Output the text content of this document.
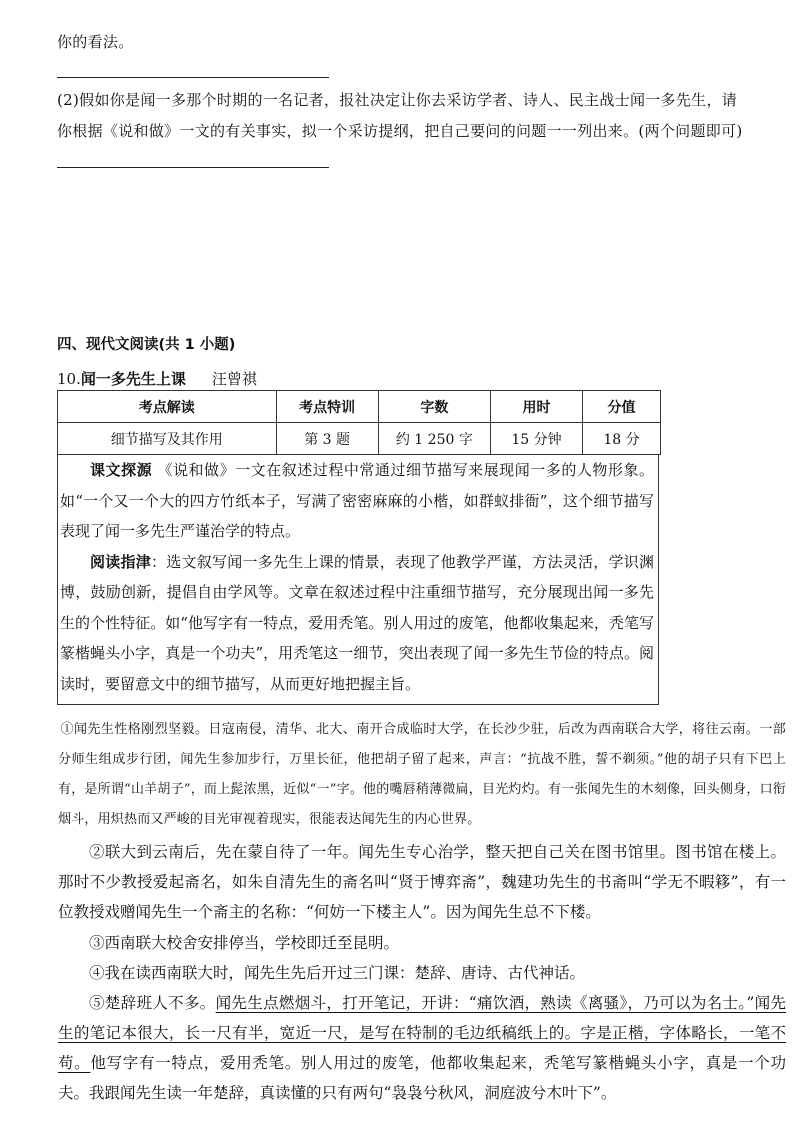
你的看法。
(2)假如你是闻一多那个时期的一名记者，报社决定让你去采访学者、诗人、民主战士闻一多先生，请
你根据《说和做》一文的有关事实，拟一个采访提纲，把自己要问的问题一一列出来。(两个问题即可)
四、现代文阅读(共 1 小题)
10.闻一多先生上课 汪曾祺
考点解读	考点特训	字数	用时	分值
细节描写及其作用	第 3 题	约 1 250 字	15 分钟	18 分

课文探源 《说和做》一文在叙述过程中常通过细节描写来展现闻一多的人物形象。如“一个又一个大的四方竹纸本子，写满了密密麻麻的小楷，如群蚁排衙”，这个细节描写表现了闻一多先生严谨治学的特点。

阅读指津：选文叙写闻一多先生上课的情景，表现了他教学严谨，方法灵活，学识渊博，鼓励创新，提倡自由学风等。文章在叙述过程中注重细节描写，充分展现出闻一多先生的个性特征。如“他写字有一特点，爱用秃笔。别人用过的废笔，他都收集起来，秃笔写篆楷蝇头小字，真是一个功夫”，用秃笔这一细节，突出表现了闻一多先生节俭的特点。阅读时，要留意文中的细节描写，从而更好地把握主旨。

①闻先生性格刚烈坚毅。日寇南侵，清华、北大、南开合成临时大学，在长沙少驻，后改为西南联合大学，将往云南。一部分师生组成步行团，闻先生参加步行，万里长征，他把胡子留了起来，声言：“抗战不胜，誓不剃须。”他的胡子只有下巴上有，是所谓“山羊胡子”，而上髭浓黑，近似“一”字。他的嘴唇稍薄微扁，目光灼灼。有一张闻先生的木刻像，回头侧身，口衔烟斗，用炽热而又严峻的目光审视着现实，很能表达闻先生的内心世界。
②联大到云南后，先在蒙自待了一年。闻先生专心治学，整天把自己关在图书馆里。图书馆在楼上。那时不少教授爱起斋名，如朱自清先生的斋名叫“贤于博弈斋”，魏建功先生的书斋叫“学无不暇簃”，有一位教授戏赠闻先生一个斋主的名称：“何妨一下楼主人”。因为闻先生总不下楼。
③西南联大校舍安排停当，学校即迁至昆明。
④我在读西南联大时，闻先生先后开过三门课：楚辞、唐诗、古代神话。
⑤楚辞班人不多。闻先生点燃烟斗，打开笔记，开讲：“痛饮酒，熟读《离骚》，乃可以为名士。”闻先生的笔记本很大，长一尺有半，宽近一尺，是写在特制的毛边纸稿纸上的。字是正楷，字体略长，一笔不苟。他写字有一特点，爱用秃笔。别人用过的废笔，他都收集起来，秃笔写篆楷蝇头小字，真是一个功夫。我跟闻先生读一年楚辞，真读懂的只有两句“袅袅兮秋风，洞庭波兮木叶下”。
